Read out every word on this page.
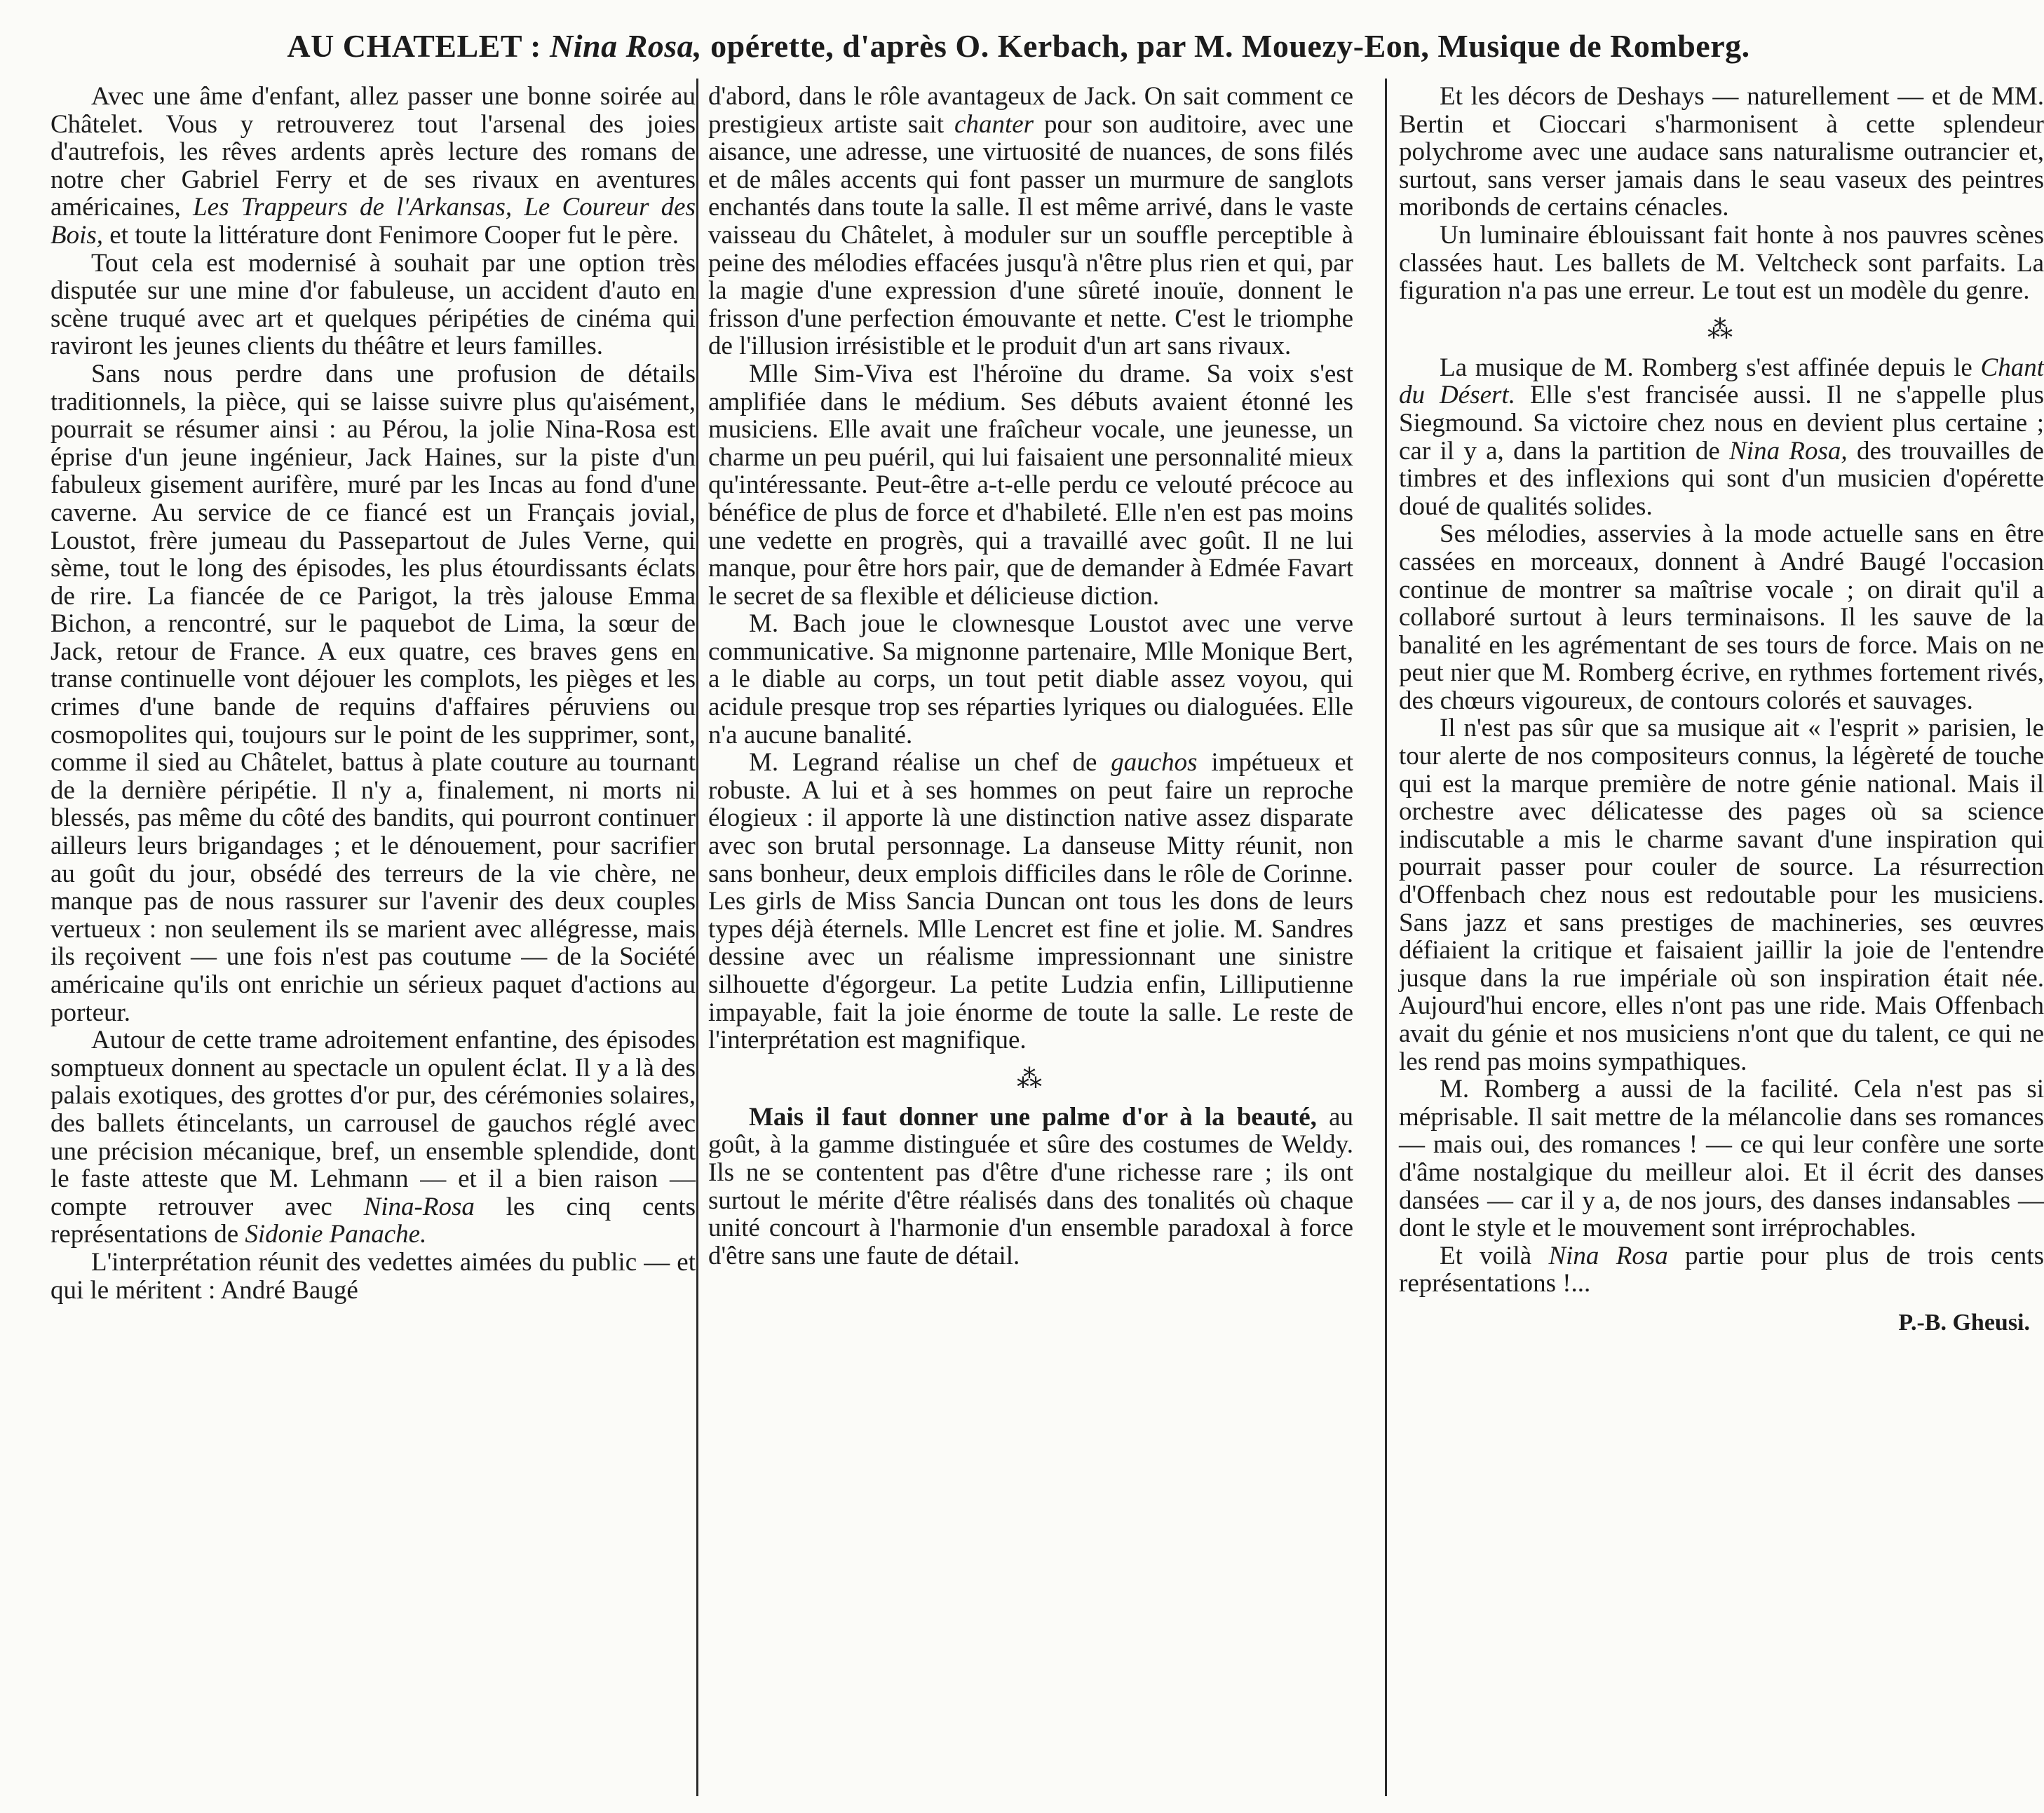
AU CHATELET : Nina Rosa, opérette, d'après O. Kerbach, par M. Mouezy-Eon, Musique de Romberg.

Avec une âme d'enfant, allez passer une bonne soirée au Châtelet. Vous y retrouverez tout l'arsenal des joies d'autrefois, les rêves ardents après lecture des romans de notre cher Gabriel Ferry et de ses rivaux en aventures américaines, Les Trappeurs de l'Arkansas, Le Coureur des Bois, et toute la littérature dont Fenimore Cooper fut le père.

Tout cela est modernisé à souhait par une option très disputée sur une mine d'or fabuleuse, un accident d'auto en scène truqué avec art et quelques péripéties de cinéma qui raviront les jeunes clients du théâtre et leurs familles.

Sans nous perdre dans une profusion de détails traditionnels, la pièce, qui se laisse suivre plus qu'aisément, pourrait se résumer ainsi : au Pérou, la jolie Nina-Rosa est éprise d'un jeune ingénieur, Jack Haines, sur la piste d'un fabuleux gisement aurifère, muré par les Incas au fond d'une caverne. Au service de ce fiancé est un Français jovial, Loustot, frère jumeau du Passepartout de Jules Verne, qui sème, tout le long des épisodes, les plus étourdissants éclats de rire. La fiancée de ce Parigot, la très jalouse Emma Bichon, a rencontré, sur le paquebot de Lima, la sœur de Jack, retour de France. A eux quatre, ces braves gens en transe continuelle vont déjouer les complots, les pièges et les crimes d'une bande de requins d'affaires péruviens ou cosmopolites qui, toujours sur le point de les supprimer, sont, comme il sied au Châtelet, battus à plate couture au tournant de la dernière péripétie. Il n'y a, finalement, ni morts ni blessés, pas même du côté des bandits, qui pourront continuer ailleurs leurs brigandages ; et le dénouement, pour sacrifier au goût du jour, obsédé des terreurs de la vie chère, ne manque pas de nous rassurer sur l'avenir des deux couples vertueux : non seulement ils se marient avec allégresse, mais ils reçoivent — une fois n'est pas coutume — de la Société américaine qu'ils ont enrichie un sérieux paquet d'actions au porteur.

Autour de cette trame adroitement enfantine, des épisodes somptueux donnent au spectacle un opulent éclat. Il y a là des palais exotiques, des grottes d'or pur, des cérémonies solaires, des ballets étincelants, un carrousel de gauchos réglé avec une précision mécanique, bref, un ensemble splendide, dont le faste atteste que M. Lehmann — et il a bien raison — compte retrouver avec Nina-Rosa les cinq cents représentations de Sidonie Panache.

L'interprétation réunit des vedettes aimées du public — et qui le méritent : André Baugé

d'abord, dans le rôle avantageux de Jack. On sait comment ce prestigieux artiste sait chanter pour son auditoire, avec une aisance, une adresse, une virtuosité de nuances, de sons filés et de mâles accents qui font passer un murmure de sanglots enchantés dans toute la salle. Il est même arrivé, dans le vaste vaisseau du Châtelet, à moduler sur un souffle perceptible à peine des mélodies effacées jusqu'à n'être plus rien et qui, par la magie d'une expression d'une sûreté inouïe, donnent le frisson d'une perfection émouvante et nette. C'est le triomphe de l'illusion irrésistible et le produit d'un art sans rivaux.

Mlle Sim-Viva est l'héroïne du drame. Sa voix s'est amplifiée dans le médium. Ses débuts avaient étonné les musiciens. Elle avait une fraîcheur vocale, une jeunesse, un charme un peu puéril, qui lui faisaient une personnalité mieux qu'intéressante. Peut-être a-t-elle perdu ce velouté précoce au bénéfice de plus de force et d'habileté. Elle n'en est pas moins une vedette en progrès, qui a travaillé avec goût. Il ne lui manque, pour être hors pair, que de demander à Edmée Favart le secret de sa flexible et délicieuse diction.

M. Bach joue le clownesque Loustot avec une verve communicative. Sa mignonne partenaire, Mlle Monique Bert, a le diable au corps, un tout petit diable assez voyou, qui acidule presque trop ses réparties lyriques ou dialoguées. Elle n'a aucune banalité.

M. Legrand réalise un chef de gauchos impétueux et robuste. A lui et à ses hommes on peut faire un reproche élogieux : il apporte là une distinction native assez disparate avec son brutal personnage. La danseuse Mitty réunit, non sans bonheur, deux emplois difficiles dans le rôle de Corinne. Les girls de Miss Sancia Duncan ont tous les dons de leurs types déjà éternels. Mlle Lencret est fine et jolie. M. Sandres dessine avec un réalisme impressionnant une sinistre silhouette d'égorgeur. La petite Ludzia enfin, Lilliputienne impayable, fait la joie énorme de toute la salle. Le reste de l'interprétation est magnifique.

⁂

Mais il faut donner une palme d'or à la beauté, au goût, à la gamme distinguée et sûre des costumes de Weldy. Ils ne se contentent pas d'être d'une richesse rare ; ils ont surtout le mérite d'être réalisés dans des tonalités où chaque unité concourt à l'harmonie d'un ensemble paradoxal à force d'être sans une faute de détail.

Et les décors de Deshays — naturellement — et de MM. Bertin et Cioccari s'harmonisent à cette splendeur polychrome avec une audace sans naturalisme outrancier et, surtout, sans verser jamais dans le seau vaseux des peintres moribonds de certains cénacles.

Un luminaire éblouissant fait honte à nos pauvres scènes classées haut. Les ballets de M. Veltcheck sont parfaits. La figuration n'a pas une erreur. Le tout est un modèle du genre.

⁂

La musique de M. Romberg s'est affinée depuis le Chant du Désert. Elle s'est francisée aussi. Il ne s'appelle plus Siegmound. Sa victoire chez nous en devient plus certaine ; car il y a, dans la partition de Nina Rosa, des trouvailles de timbres et des inflexions qui sont d'un musicien d'opérette doué de qualités solides.

Ses mélodies, asservies à la mode actuelle sans en être cassées en morceaux, donnent à André Baugé l'occasion continue de montrer sa maîtrise vocale ; on dirait qu'il a collaboré surtout à leurs terminaisons. Il les sauve de la banalité en les agrémentant de ses tours de force. Mais on ne peut nier que M. Romberg écrive, en rythmes fortement rivés, des chœurs vigoureux, de contours colorés et sauvages.

Il n'est pas sûr que sa musique ait « l'esprit » parisien, le tour alerte de nos compositeurs connus, la légèreté de touche qui est la marque première de notre génie national. Mais il orchestre avec délicatesse des pages où sa science indiscutable a mis le charme savant d'une inspiration qui pourrait passer pour couler de source. La résurrection d'Offenbach chez nous est redoutable pour les musiciens. Sans jazz et sans prestiges de machineries, ses œuvres défiaient la critique et faisaient jaillir la joie de l'entendre jusque dans la rue impériale où son inspiration était née. Aujourd'hui encore, elles n'ont pas une ride. Mais Offenbach avait du génie et nos musiciens n'ont que du talent, ce qui ne les rend pas moins sympathiques.

M. Romberg a aussi de la facilité. Cela n'est pas si méprisable. Il sait mettre de la mélancolie dans ses romances — mais oui, des romances ! — ce qui leur confère une sorte d'âme nostalgique du meilleur aloi. Et il écrit des danses dansées — car il y a, de nos jours, des danses indansables — dont le style et le mouvement sont irréprochables.

Et voilà Nina Rosa partie pour plus de trois cents représentations !...

P.-B. Gheusi.
